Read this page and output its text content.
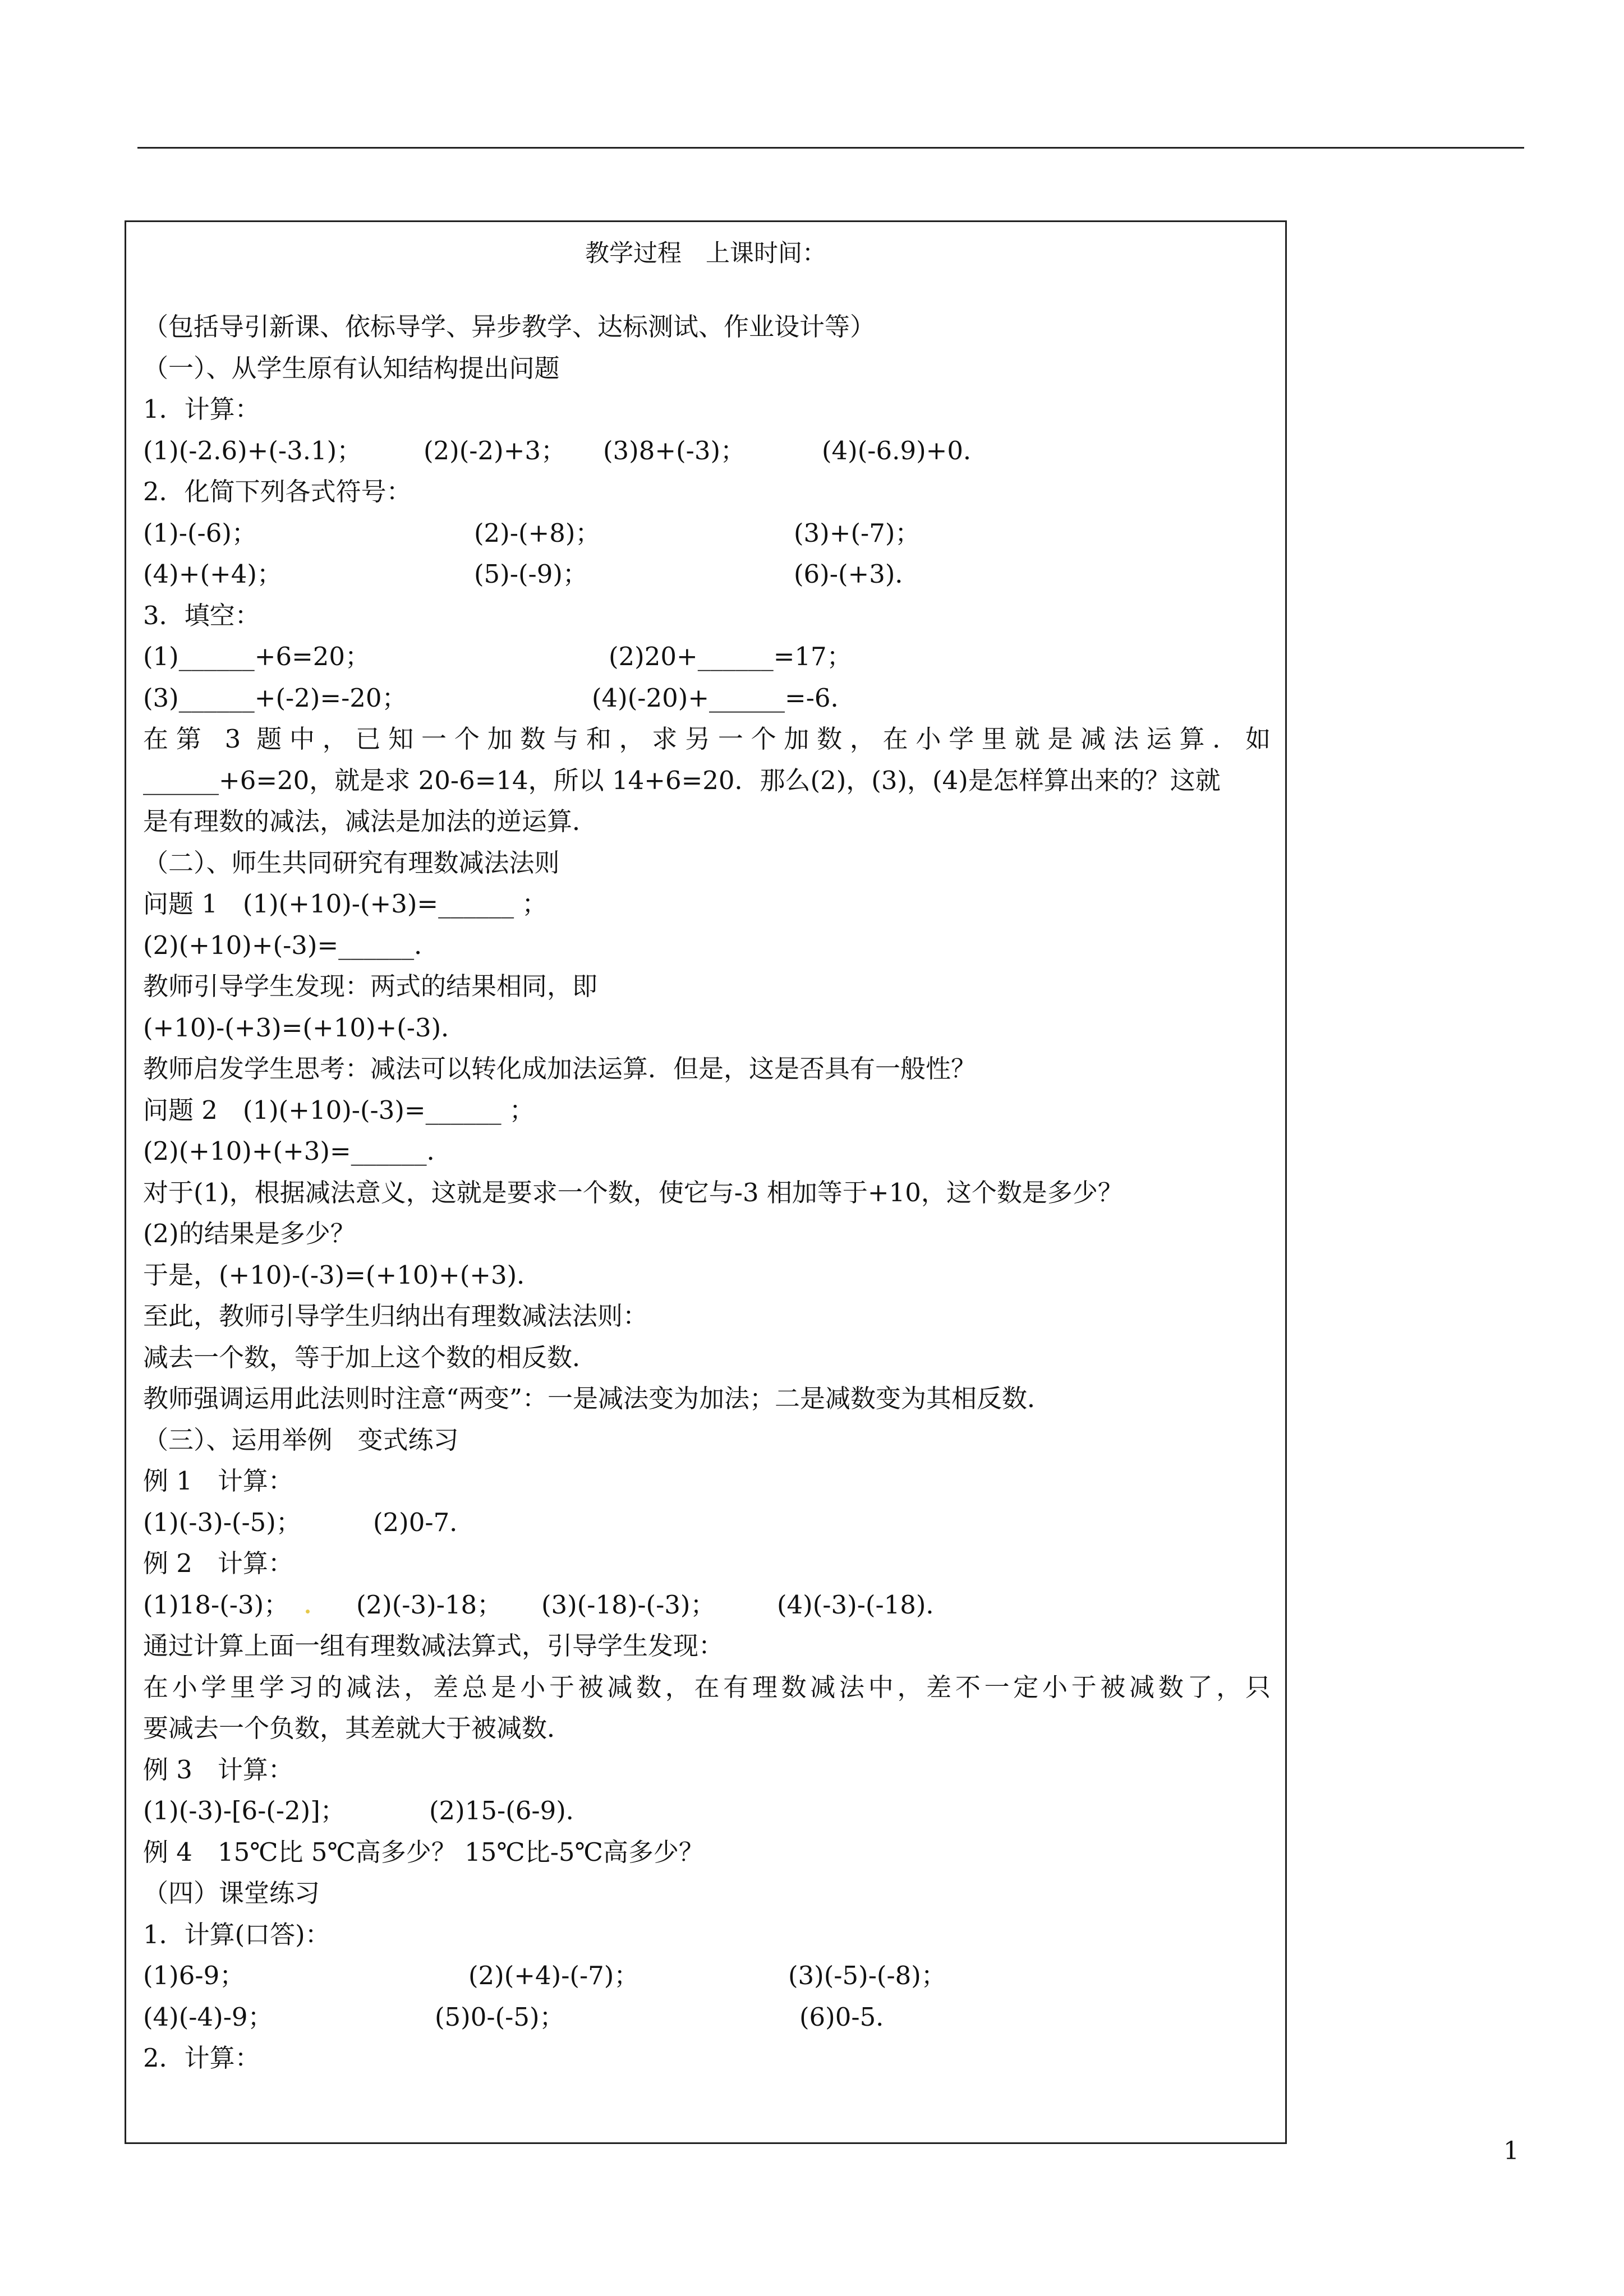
教学过程　上课时间：
（包括导引新课、依标导学、异步教学、达标测试、作业设计等）
（一）、从学生原有认知结构提出问题
1．计算：
(1)(-2.6)+(-3.1)； (2)(-2)+3； (3)8+(-3)；	(4)(-6.9)+0．
2．化简下列各式符号：
(1)-(-6)；	(2)-(+8)；	(3)+(-7)；
(4)+(+4)；	(5)-(-9)；	(6)-(+3)．
3．填空：
(1)______+6=20；	(2)20+______=17；
(3)______+(-2)=-20；	(4)(-20)+______=-6．
在第 3 题中，已知一个加数与和，求另一个加数，在小学里就是减法运算．如
______+6=20，就是求 20-6=14，所以 14+6=20．那么(2)，(3)，(4)是怎样算出来的？这就
是有理数的减法，减法是加法的逆运算．
（二）、师生共同研究有理数减法法则
问题 1　(1)(+10)-(+3)=______ ；
(2)(+10)+(-3)=______．
教师引导学生发现：两式的结果相同，即
(+10)-(+3)=(+10)+(-3)．
教师启发学生思考：减法可以转化成加法运算．但是，这是否具有一般性？
问题 2　(1)(+10)-(-3)=______ ；
(2)(+10)+(+3)=______．
对于(1)，根据减法意义，这就是要求一个数，使它与-3 相加等于+10，这个数是多少？
(2)的结果是多少？
于是，(+10)-(-3)=(+10)+(+3)．
至此，教师引导学生归纳出有理数减法法则：
减去一个数，等于加上这个数的相反数．
教师强调运用此法则时注意“两变”：一是减法变为加法；二是减数变为其相反数．
（三）、运用举例　变式练习
例 1　计算：
(1)(-3)-(-5)；	(2)0-7．
例 2　计算：
(1)18-(-3)；	(2)(-3)-18； (3)(-18)-(-3)； (4)(-3)-(-18)．
通过计算上面一组有理数减法算式，引导学生发现：
在小学里学习的减法，差总是小于被减数，在有理数减法中，差不一定小于被减数了，只
要减去一个负数，其差就大于被减数．
例 3　计算：
(1)(-3)-[6-(-2)]；	(2)15-(6-9)．
例 4　15℃比 5℃高多少？ 15℃比-5℃高多少？
（四）课堂练习
1．计算(口答)：
(1)6-9；	(2)(+4)-(-7)；	(3)(-5)-(-8)；
(4)(-4)-9；	(5)0-(-5)；	(6)0-5．
2．计算：
1
